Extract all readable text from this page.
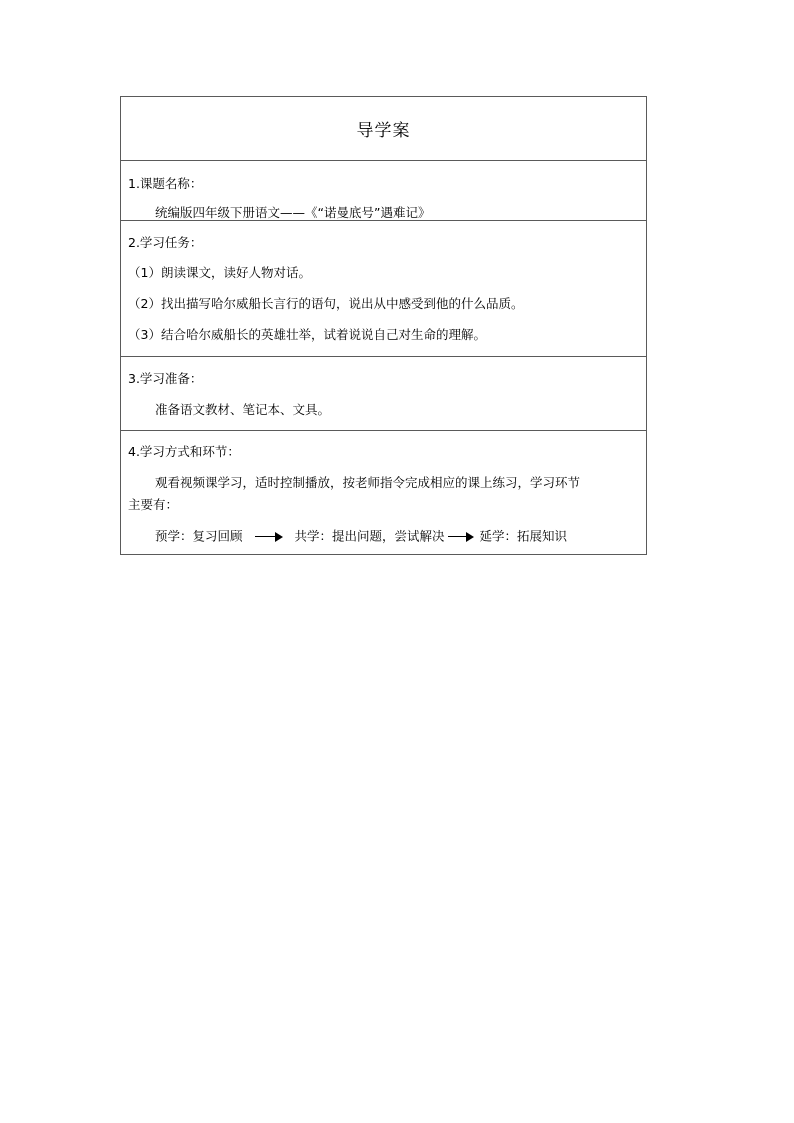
导学案
1.课题名称：
统编版四年级下册语文——《“诺曼底号”遇难记》
2.学习任务：
（1）朗读课文，读好人物对话。
（2）找出描写哈尔威船长言行的语句，说出从中感受到他的什么品质。
（3）结合哈尔威船长的英雄壮举，试着说说自己对生命的理解。
3.学习准备：
准备语文教材、笔记本、文具。
4.学习方式和环节：
观看视频课学习，适时控制播放，按老师指令完成相应的课上练习，学习环节
主要有：
预学：复习回顾	共学：提出问题，尝试解决	延学：拓展知识
